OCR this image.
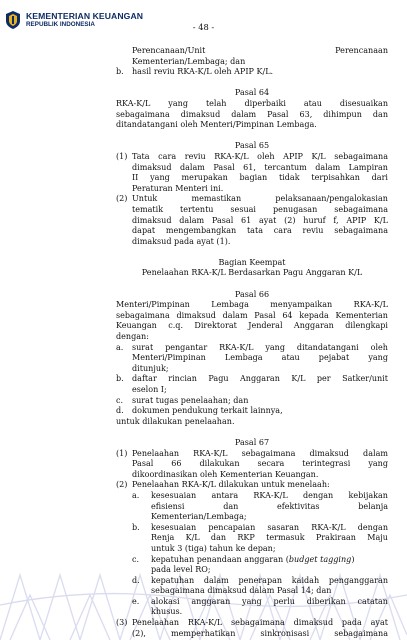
KEMENTERIAN KEUANGAN
REPUBLIK INDONESIA	- 48 -
Perencanaan/Unit	Perencanaan
Kementerian/Lembaga; dan
b.	hasil reviu RKA-K/L oleh APIP K/L.

Pasal 64

RKA-K/L yang telah diperbaiki atau disesuaikan
sebagaimana dimaksud dalam Pasal 63, dihimpun dan
ditandatangani oleh Menteri/Pimpinan Lembaga.

Pasal 65

(1) Tata cara reviu RKA-K/L oleh APIP K/L sebagaimana
dimaksud dalam Pasal 61, tercantum dalam Lampiran
II yang merupakan bagian tidak terpisahkan dari
Peraturan Menteri ini.
(2) Untuk memastikan pelaksanaan/pengalokasian
tematik tertentu sesuai penugasan sebagaimana
dimaksud dalam Pasal 61 ayat (2) huruf f, APIP K/L
dapat mengembangkan tata cara reviu sebagaimana
dimaksud pada ayat (1).

Bagian Keempat

Penelaahan RKA-K/L Berdasarkan Pagu Anggaran K/L

Pasal 66

Menteri/Pimpinan Lembaga menyampaikan RKA-K/L
sebagaimana dimaksud dalam Pasal 64 kepada Kementerian
Keuangan c.q. Direktorat Jenderal Anggaran dilengkapi
dengan:
a.	surat pengantar RKA-K/L yang ditandatangani oleh
Menteri/Pimpinan Lembaga atau pejabat yang
ditunjuk;
b.	daftar rincian Pagu Anggaran K/L per Satker/unit
eselon I;
c.	surat tugas penelaahan; dan
d.	dokumen pendukung terkait lainnya,
untuk dilakukan penelaahan.

Pasal 67

(1) Penelaahan RKA-K/L sebagaimana dimaksud dalam
Pasal 66 dilakukan secara terintegrasi yang
dikoordinasikan oleh Kementerian Keuangan.
(2) Penelaahan RKA-K/L dilakukan untuk menelaah:
a.	kesesuaian antara RKA-K/L dengan kebijakan
efisiensi dan efektivitas belanja
Kementerian/Lembaga;
b.	kesesuaian pencapaian sasaran RKA-K/L dengan
Renja K/L dan RKP termasuk Prakiraan Maju
untuk 3 (tiga) tahun ke depan;
c.	kepatuhan penandaan anggaran (budget tagging)
pada level RO;
d.	kepatuhan dalam penerapan kaidah penganggaran
sebagaimana dimaksud dalam Pasal 14; dan
e.	alokasi anggaran yang perlu diberikan catatan
khusus.
(3) Penelaahan RKA-K/L sebagaimana dimaksud pada ayat
(2), memperhatikan sinkronisasi sebagaimana
